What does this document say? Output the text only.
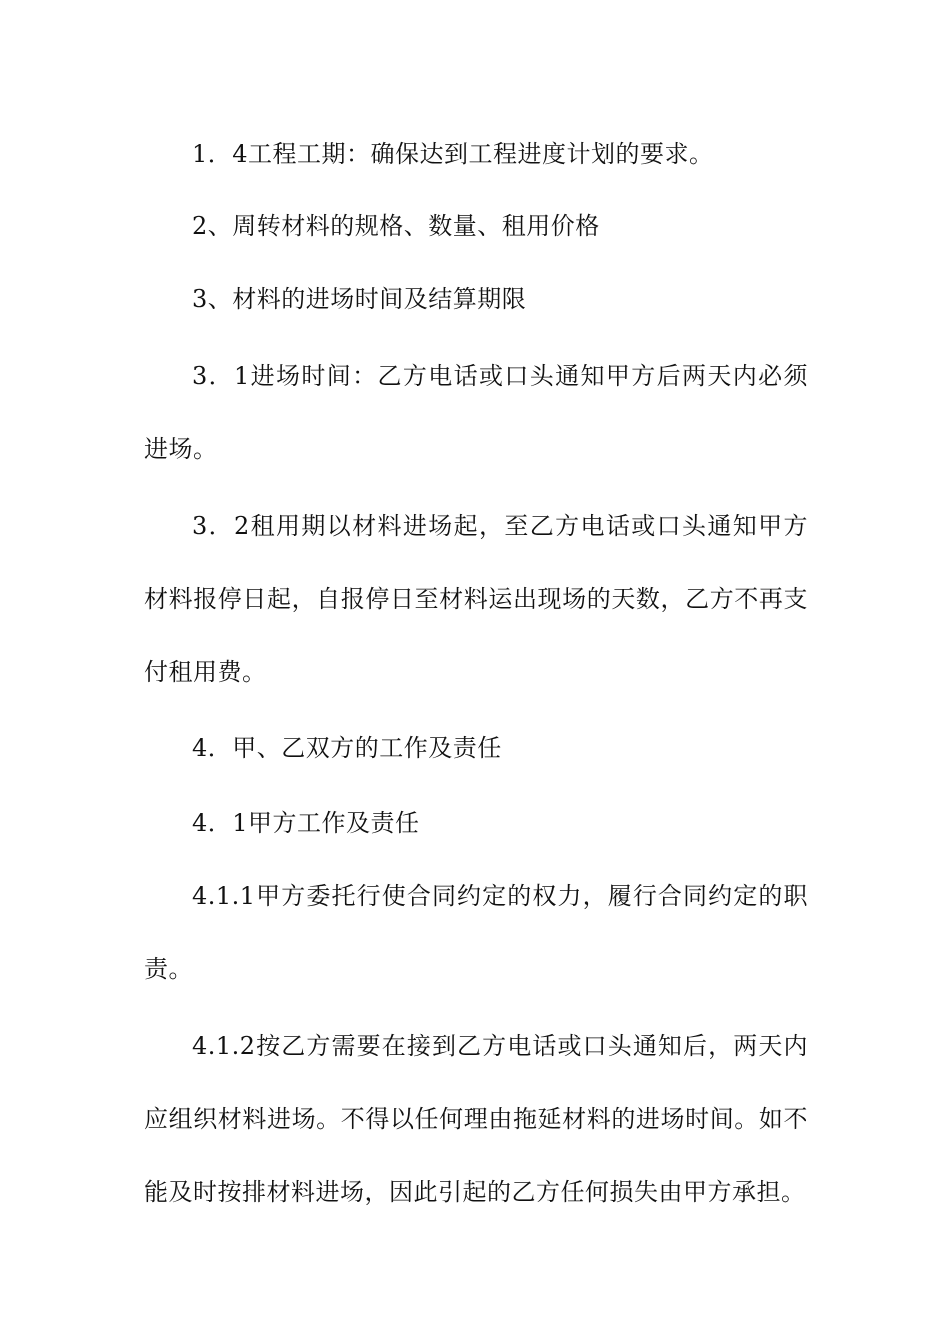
1．4工程工期：确保达到工程进度计划的要求。

2、周转材料的规格、数量、租用价格

3、材料的进场时间及结算期限

3．1进场时间：乙方电话或口头通知甲方后两天内必须进场。

3．2租用期以材料进场起，至乙方电话或口头通知甲方材料报停日起，自报停日至材料运出现场的天数，乙方不再支付租用费。

4．甲、乙双方的工作及责任

4．1甲方工作及责任

4.1.1甲方委托行使合同约定的权力，履行合同约定的职责。

4.1.2按乙方需要在接到乙方电话或口头通知后，两天内应组织材料进场。不得以任何理由拖延材料的进场时间。如不能及时按排材料进场，因此引起的乙方任何损失由甲方承担。
